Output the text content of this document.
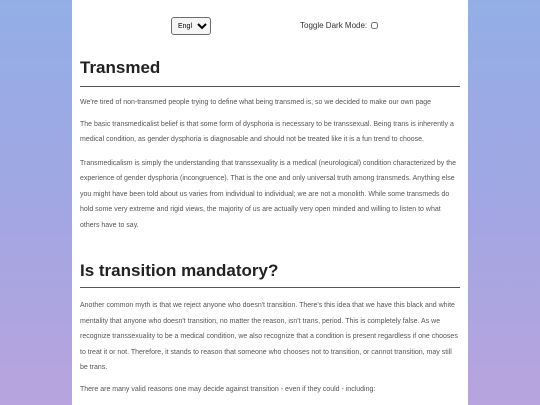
English
Toggle Dark Mode:
Transmed

We're tired of non-transmed people trying to define what being transmed is, so we decided to make our own page

The basic transmedicalist belief is that some form of dysphoria is necessary to be transsexual. Being trans is inherently a medical condition, as gender dysphoria is diagnosable and should not be treated like it is a fun trend to choose.

Transmedicalism is simply the understanding that transsexuality is a medical (neurological) condition characterized by the experience of gender dysphoria (incongruence). That is the one and only universal truth among transmeds. Anything else you might have been told about us varies from individual to individual; we are not a monolith. While some transmeds do hold some very extreme and rigid views, the majority of us are actually very open minded and willing to listen to what others have to say.

Is transition mandatory?

Another common myth is that we reject anyone who doesn't transition. There's this idea that we have this black and white mentality that anyone who doesn't transition, no matter the reason, isn't trans, period. This is completely false. As we recognize transsexuality to be a medical condition, we also recognize that a condition is present regardless if one chooses to treat it or not. Therefore, it stands to reason that someone who chooses not to transition, or cannot transition, may still be trans.

There are many valid reasons one may decide against transition - even if they could - including:
